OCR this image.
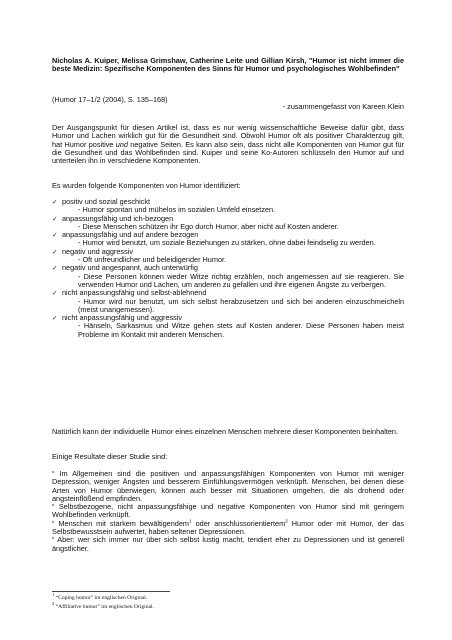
Nicholas A. Kuiper, Melissa Grimshaw, Catherine Leite und Gillian Kirsh, "Humor ist nicht immer die beste Medizin: Spezifische Komponenten des Sinns für Humor und psychologisches Wohlbefinden"
(Humor 17–1/2 (2004), S. 135–168)
- zusammengefasst von Kareen Klein
Der Ausgangspunkt für diesen Artikel ist, dass es nur wenig wissenschaftliche Beweise dafür gibt, dass Humor und Lachen wirklich gut für die Gesundheit sind. Obwohl Humor oft als positiver Charakterzug gilt, hat Humor positive und negative Seiten. Es kann also sein, dass nicht alle Komponenten von Humor gut für die Gesundheit und das Wohlbefinden sind. Kuiper und seine Ko-Autoren schlüsseln den Humor auf und unterteilen ihn in verschiedene Komponenten.
Es wurden folgende Komponenten von Humor identifiziert:
✓ positiv und sozial geschickt
- Humor spontan und mühelos im sozialen Umfeld einsetzen.
✓ anpassungsfähig und ich-bezogen
- Diese Menschen schützen ihr Ego durch Humor, aber nicht auf Kosten anderer.
✓ anpassungsfähig und auf andere bezogen
- Humor wird benutzt, um soziale Beziehungen zu stärken, ohne dabei feindselig zu werden.
✓ negativ und aggressiv
- Oft unfreundlicher und beleidigender Humor.
✓ negativ und angespannt, auch unterwürfig
- Diese Personen können weder Witze richtig erzählen, noch angemessen auf sie reagieren. Sie verwenden Humor und Lachen, um anderen zu gefallen und ihre eigenen Ängste zu verbergen.
✓ nicht anpassungsfähig und selbst-ablehnend
- Humor wird nur benutzt, um sich selbst herabzusetzen und sich bei anderen einzuschmeicheln (meist unangemessen).
✓ nicht anpassungsfähig und aggressiv
- Hänseln, Sarkasmus und Witze gehen stets auf Kosten anderer. Diese Personen haben meist Probleme im Kontakt mit anderen Menschen.
Natürlich kann der individuelle Humor eines einzelnen Menschen mehrere dieser Komponenten beinhalten.
Einige Resultate dieser Studie sind:
“ Im Allgemeinen sind die positiven und anpassungsfähigen Komponenten von Humor mit weniger Depression, weniger Ängsten und besserem Einfühlungsvermögen verknüpft. Menschen, bei denen diese Arten von Humor überwiegen, können auch besser mit Situationen umgehen, die als drohend oder angsteinflößend empfinden.
“ Selbstbezogene, nicht anpassungsfähige und negative Komponenten von Humor sind mit geringem Wohlbefinden verknüpft.
“ Menschen mit starkem bewältigendem$^1$ oder anschlussorientiertem$^2$ Humor oder mit Humor, der das Selbstbewusstsein aufwertet, haben seltener Depressionen.
“ Aber: wer sich immer nur über sich selbst lustig macht, tendiert eher zu Depressionen und ist generell ängstlicher.
$^1$ “Coping humor” im englischen Original.
$^2$ “Affiliative humor” im englischen Original.
